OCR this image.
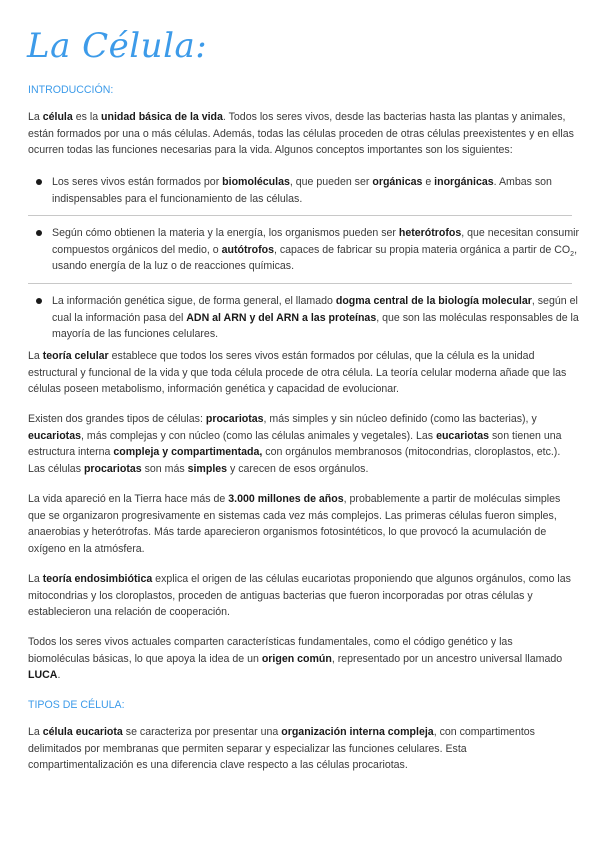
La Célula:
INTRODUCCIÓN:

La célula es la unidad básica de la vida. Todos los seres vivos, desde las bacterias hasta las plantas y animales, están formados por una o más células. Además, todas las células proceden de otras células preexistentes y en ellas ocurren todas las funciones necesarias para la vida. Algunos conceptos importantes son los siguientes:

Los seres vivos están formados por biomoléculas, que pueden ser orgánicas e inorgánicas. Ambas son indispensables para el funcionamiento de las células.
Según cómo obtienen la materia y la energía, los organismos pueden ser heterótrofos, que necesitan consumir compuestos orgánicos del medio, o autótrofos, capaces de fabricar su propia materia orgánica a partir de $CO_2$, usando energía de la luz o de reacciones químicas.
La información genética sigue, de forma general, el llamado dogma central de la biología molecular, según el cual la información pasa del ADN al ARN y del ARN a las proteínas, que son las moléculas responsables de la mayoría de las funciones celulares.

La teoría celular establece que todos los seres vivos están formados por células, que la célula es la unidad estructural y funcional de la vida y que toda célula procede de otra célula. La teoría celular moderna añade que las células poseen metabolismo, información genética y capacidad de evolucionar.

Existen dos grandes tipos de células: procariotas, más simples y sin núcleo definido (como las bacterias), y eucariotas, más complejas y con núcleo (como las células animales y vegetales). Las eucariotas son tienen una estructura interna compleja y compartimentada, con orgánulos membranosos (mitocondrias, cloroplastos, etc.). Las células procariotas son más simples y carecen de esos orgánulos.

La vida apareció en la Tierra hace más de 3.000 millones de años, probablemente a partir de moléculas simples que se organizaron progresivamente en sistemas cada vez más complejos. Las primeras células fueron simples, anaerobias y heterótrofas. Más tarde aparecieron organismos fotosintéticos, lo que provocó la acumulación de oxígeno en la atmósfera.

La teoría endosimbiótica explica el origen de las células eucariotas proponiendo que algunos orgánulos, como las mitocondrias y los cloroplastos, proceden de antiguas bacterias que fueron incorporadas por otras células y establecieron una relación de cooperación.

Todos los seres vivos actuales comparten características fundamentales, como el código genético y las biomoléculas básicas, lo que apoya la idea de un origen común, representado por un ancestro universal llamado LUCA.

TIPOS DE CÉLULA:

La célula eucariota se caracteriza por presentar una organización interna compleja, con compartimentos delimitados por membranas que permiten separar y especializar las funciones celulares. Esta compartimentalización es una diferencia clave respecto a las células procariotas.
